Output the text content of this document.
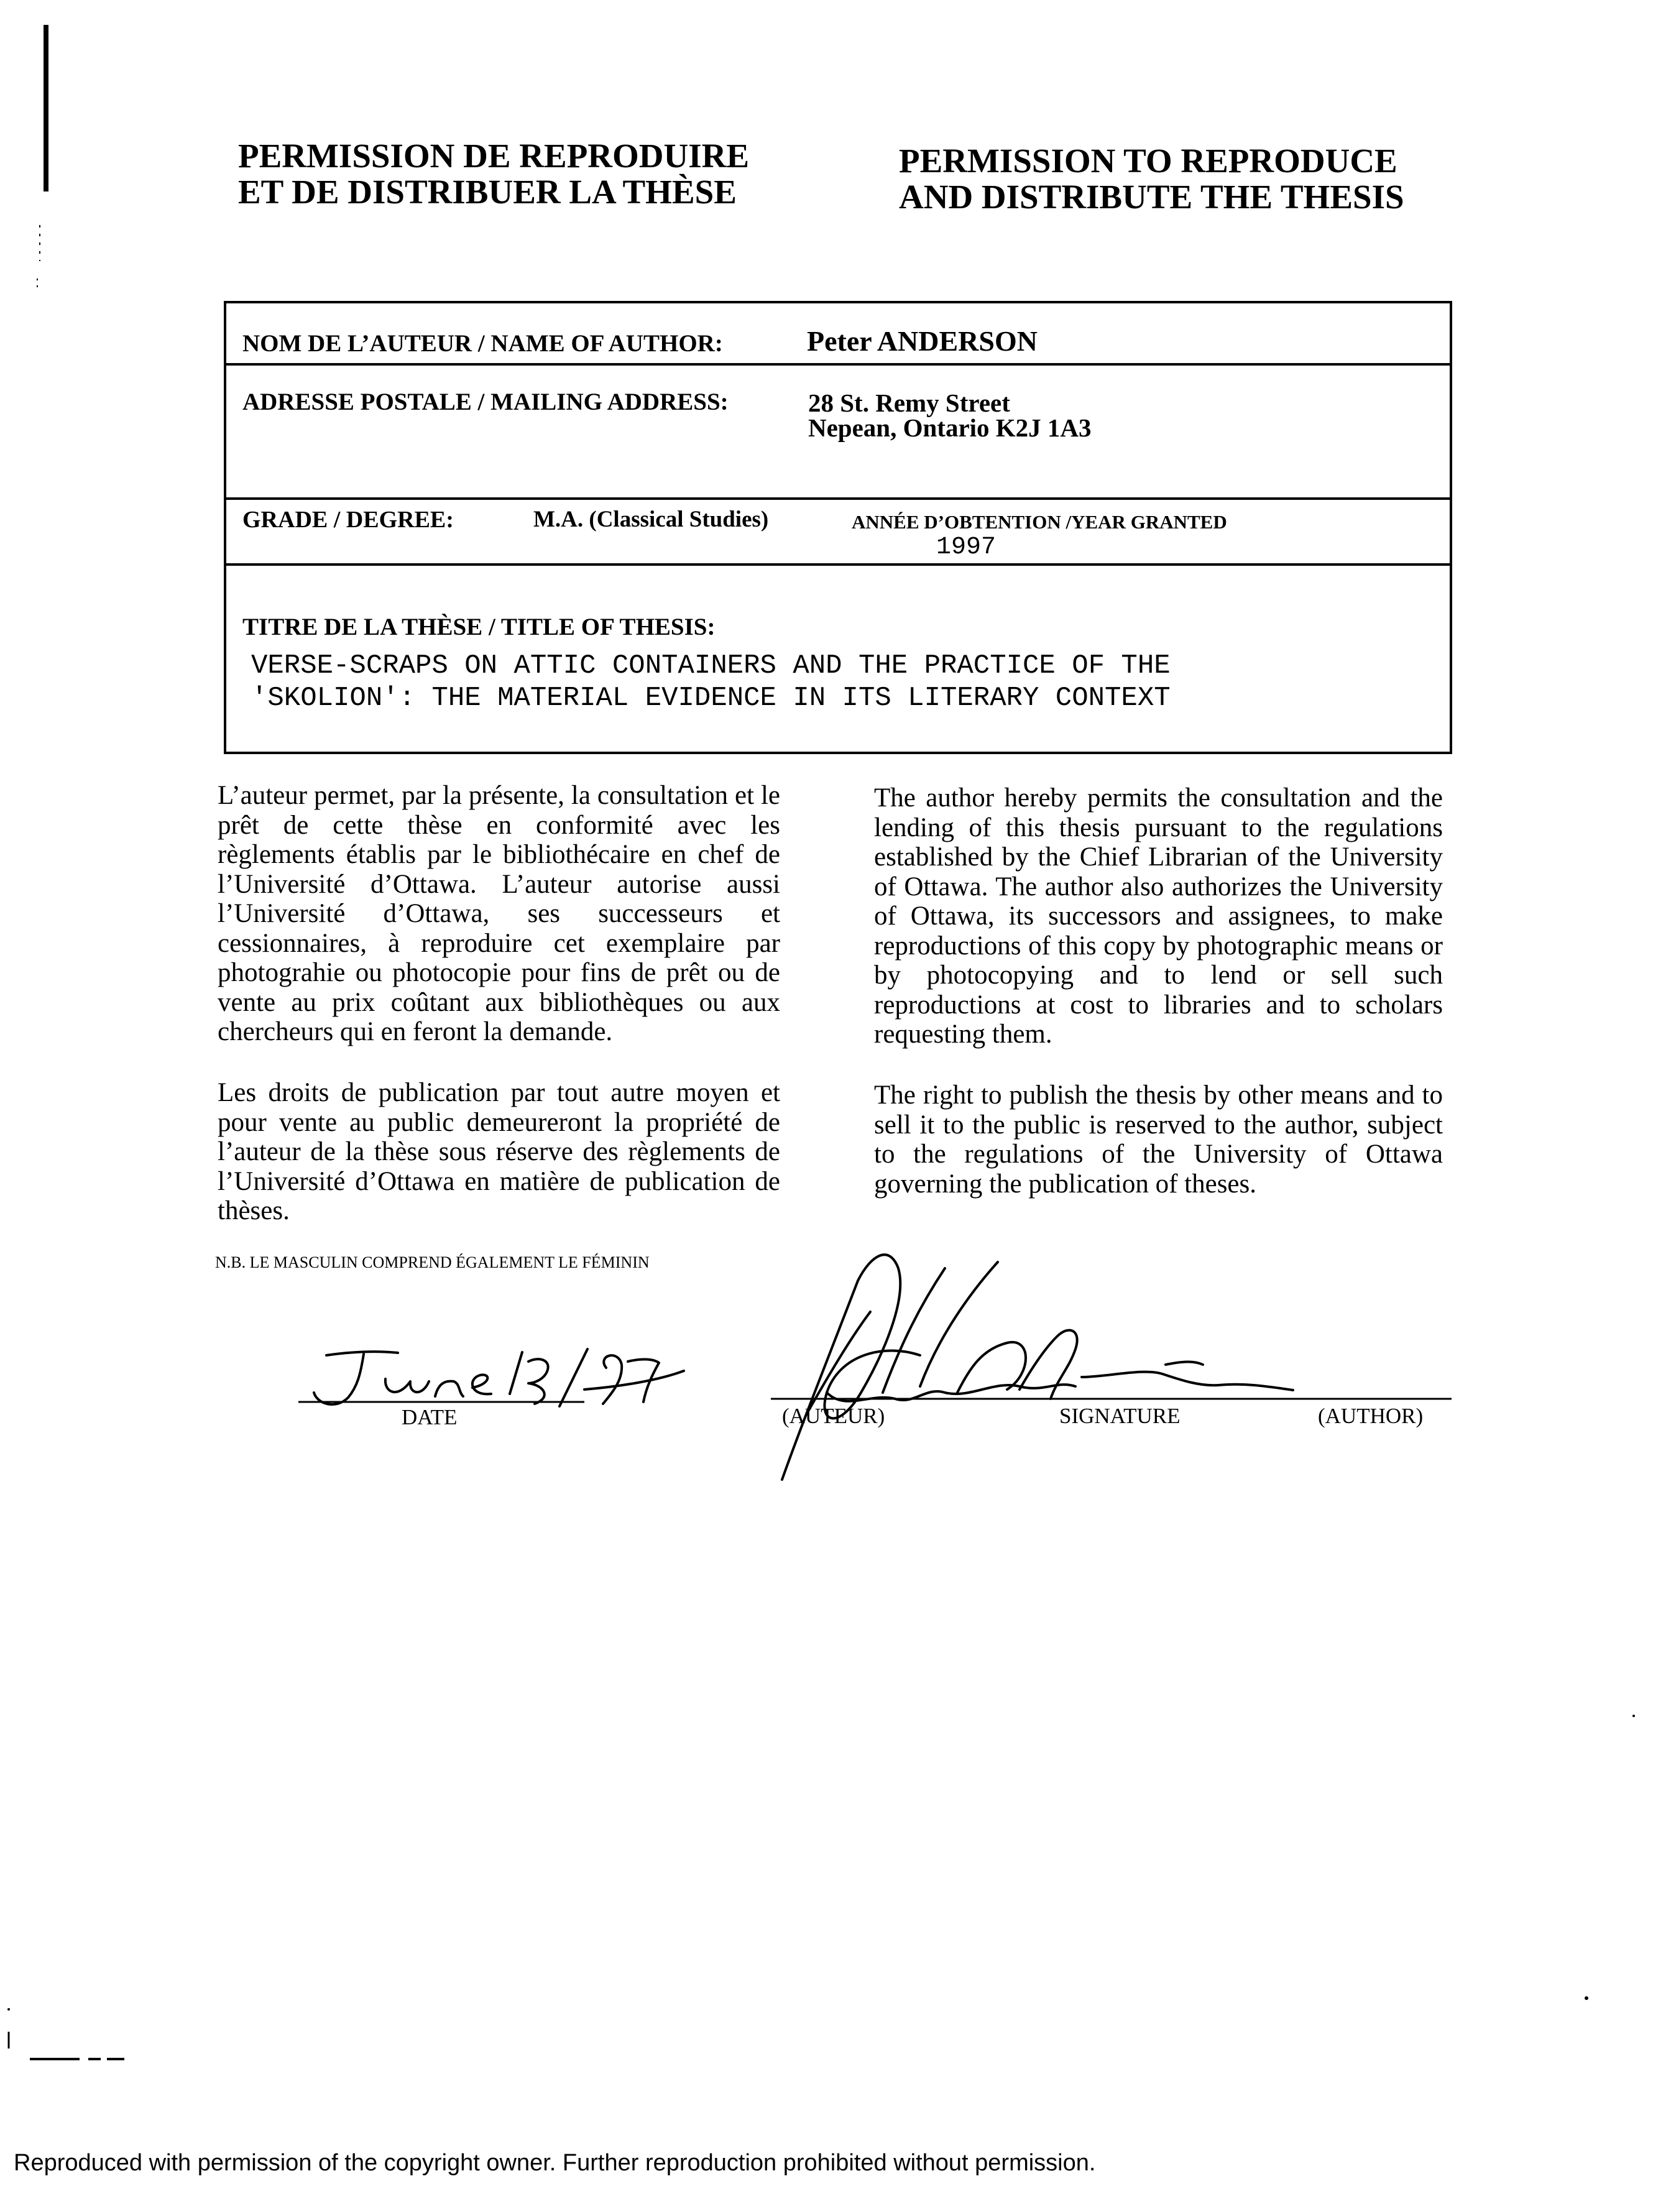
PERMISSION DE REPRODUIRE
ET DE DISTRIBUER LA THÈSE
PERMISSION TO REPRODUCE
AND DISTRIBUTE THE THESIS
NOM DE L’AUTEUR / NAME OF AUTHOR:	Peter ANDERSON
ADRESSE POSTALE / MAILING ADDRESS:	28 St. Remy Street
Nepean, Ontario K2J 1A3
GRADE / DEGREE:	M.A. (Classical Studies)	ANNÉE D’OBTENTION /YEAR GRANTED
1997
TITRE DE LA THÈSE / TITLE OF THESIS:
VERSE-SCRAPS ON ATTIC CONTAINERS AND THE PRACTICE OF THE
'SKOLION': THE MATERIAL EVIDENCE IN ITS LITERARY CONTEXT
L’auteur permet, par la présente, la consultation et le prêt de cette thèse en conformité avec les règlements établis par le bibliothécaire en chef de l’Université d’Ottawa. L’auteur autorise aussi l’Université d’Ottawa, ses successeurs et cessionnaires, à reproduire cet exemplaire par photograhie ou photocopie pour fins de prêt ou de vente au prix coûtant aux bibliothèques ou aux chercheurs qui en feront la demande.
Les droits de publication par tout autre moyen et pour vente au public demeureront la propriété de l’auteur de la thèse sous réserve des règlements de l’Université d’Ottawa en matière de publication de thèses.
The author hereby permits the consultation and the lending of this thesis pursuant to the regulations established by the Chief Librarian of the University of Ottawa. The author also authorizes the University of Ottawa, its successors and assignees, to make reproductions of this copy by photographic means or by photocopying and to lend or sell such reproductions at cost to libraries and to scholars requesting them.
The right to publish the thesis by other means and to sell it to the public is reserved to the author, subject to the regulations of the University of Ottawa governing the publication of theses.
N.B. LE MASCULIN COMPREND ÉGALEMENT LE FÉMININ
DATE	(AUTEUR)	SIGNATURE	(AUTHOR)
Reproduced with permission of the copyright owner. Further reproduction prohibited without permission.
